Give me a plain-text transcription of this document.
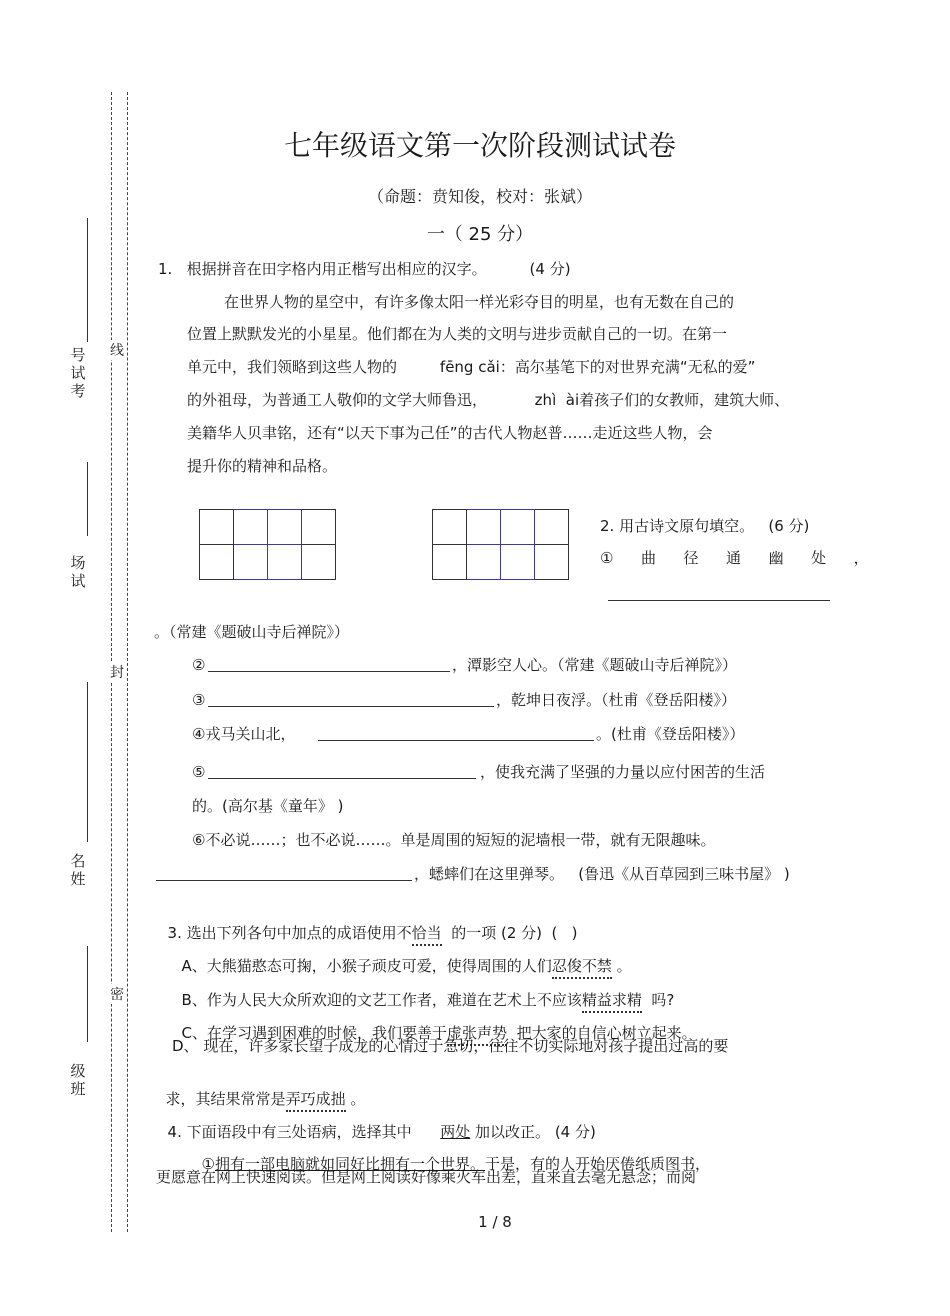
号
试
考
场
试
名
姓
级
班
线
封
密
七年级语文第一次阶段测试试卷
（命题：贲知俊，校对：张斌）
一（ 25 分）
1.   根据拼音在田字格内用正楷写出相应的汉字。         (4 分)
在世界人物的星空中，有许多像太阳一样光彩夺目的明星，也有无数在自己的
位置上默默发光的小星星。他们都在为人类的文明与进步贡献自己的一切。在第一
单元中，我们领略到这些人物的         fēng cǎi：高尔基笔下的对世界充满“无私的爱”
的外祖母，为普通工人敬仰的文学大师鲁迅，          zhì  ài着孩子们的女教师，建筑大师、
美籍华人贝聿铭，还有“以天下事为己任”的古代人物赵普……走近这些人物，会
提升你的精神和品格。

2. 用古诗文原句填空。   (6 分)
①  曲  径  通  幽  处  ，
。（常建《题破山寺后禅院》）
②	，潭影空人心。（常建《题破山寺后禅院》）
③	，乾坤日夜浮。（杜甫《登岳阳楼》）
④戎马关山北，	。(杜甫《登岳阳楼》）
⑤	，使我充满了坚强的力量以应付困苦的生活
的。(高尔基《童年》 )
⑥不必说……；也不必说……。单是周围的短短的泥墙根一带，就有无限趣味。
，蟋蟀们在这里弹琴。   (鲁迅《从百草园到三味书屋》 )

3. 选出下列各句中加点的成语使用不恰当 的一项 (2 分)  (   )

A、大熊猫憨态可掬，小猴子顽皮可爱，使得周围的人们忍俊不禁 。

B、作为人民大众所欢迎的文艺工作者，难道在艺术上不应该精益求精 吗?

C、在学习遇到困难的时候，我们要善于虚张声势 把大家的自信心树立起来。

D、 现在，许多家长望子成龙的心情过于急切，往往不切实际地对孩子提出过高的要

求，其结果常常是弄巧成拙 。

4. 下面语段中有三处语病，选择其中 两处 加以改正。 (4 分)

①拥有一部电脑就如同好比拥有一个世界。于是，有的人开始厌倦纸质图书，

更愿意在网上快速阅读。但是网上阅读好像乘火车出差，直来直去毫无悬念；而阅
1 / 8
